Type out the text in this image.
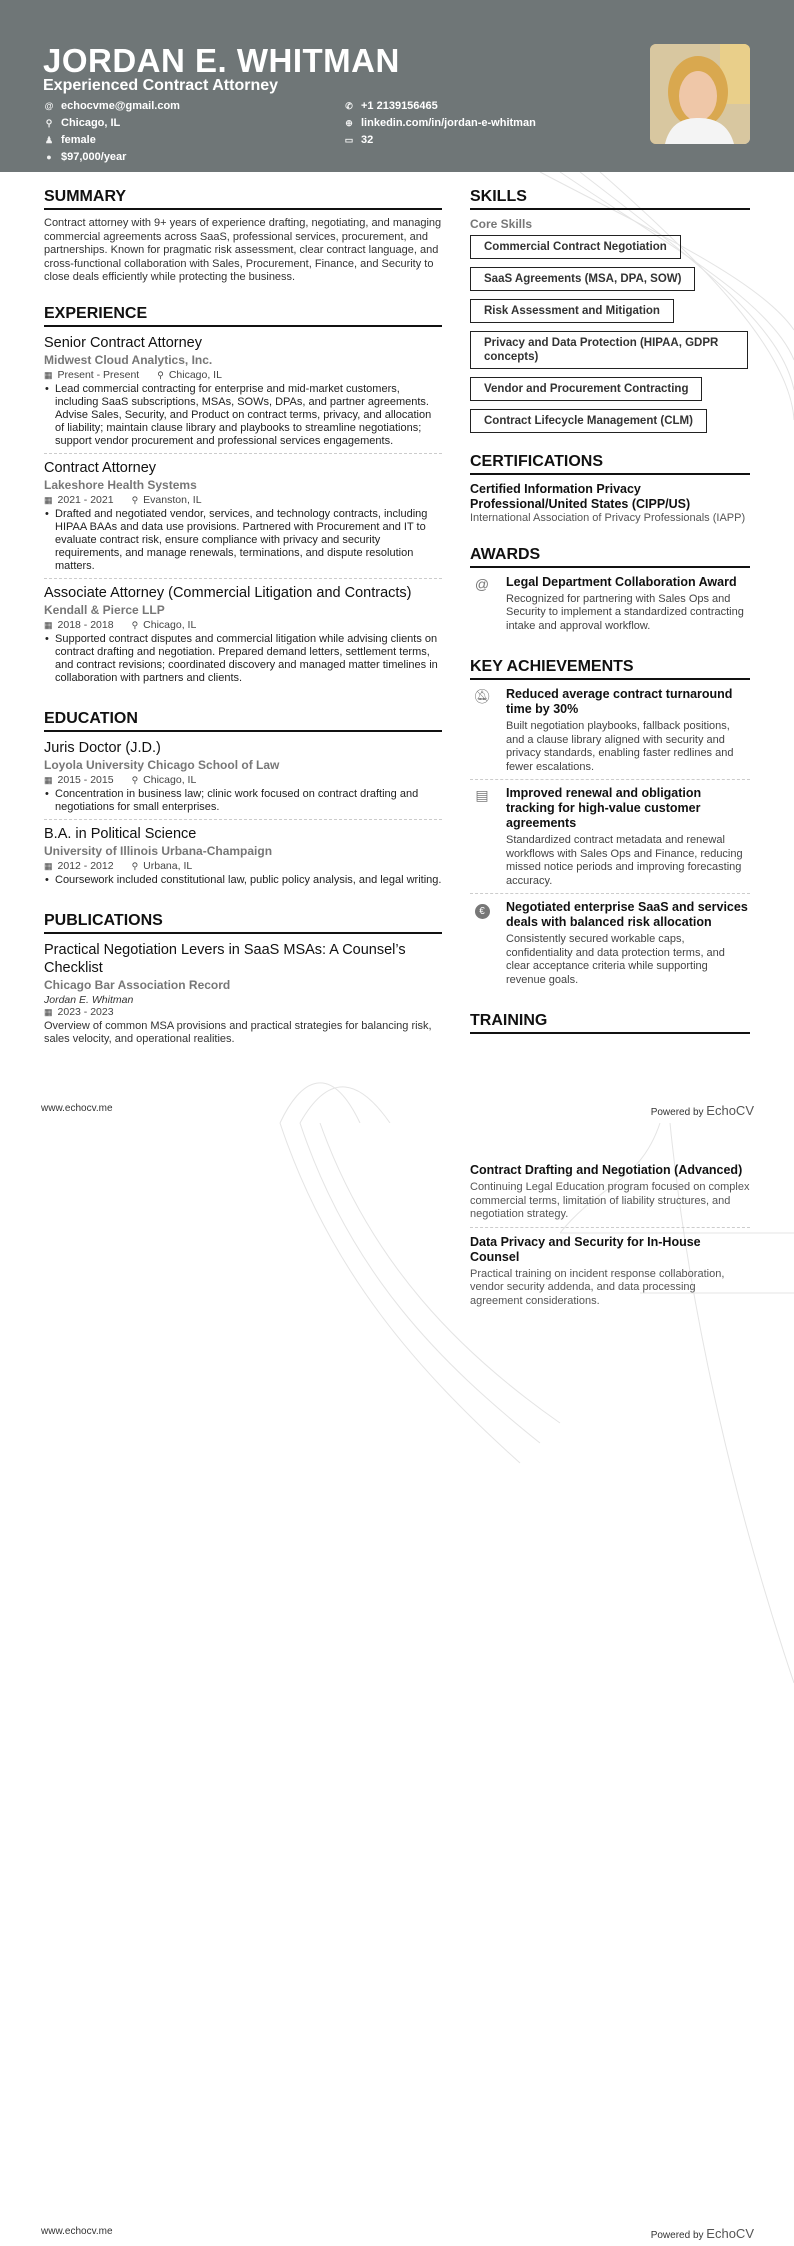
JORDAN E. WHITMAN
Experienced Contract Attorney
@ echocvme@gmail.com	✆ +1 2139156465
⚲ Chicago, IL	⊕ linkedin.com/in/jordan-e-whitman
♟ female	▭ 32
● $97,000/year
SUMMARY

Contract attorney with 9+ years of experience drafting, negotiating, and managing commercial agreements across SaaS, professional services, procurement, and partnerships. Known for pragmatic risk assessment, clear contract language, and cross-functional collaboration with Sales, Procurement, Finance, and Security to close deals efficiently while protecting the business.

EXPERIENCE
Senior Contract Attorney
Midwest Cloud Analytics, Inc.
▦ Present - Present ⚲ Chicago, IL
• Lead commercial contracting for enterprise and mid-market customers, including SaaS subscriptions, MSAs, SOWs, DPAs, and partner agreements. Advise Sales, Security, and Product on contract terms, privacy, and allocation of liability; maintain clause library and playbooks to streamline negotiations; support vendor procurement and professional services engagements.
Contract Attorney
Lakeshore Health Systems
▦ 2021 - 2021 ⚲ Evanston, IL
• Drafted and negotiated vendor, services, and technology contracts, including HIPAA BAAs and data use provisions. Partnered with Procurement and IT to evaluate contract risk, ensure compliance with privacy and security requirements, and manage renewals, terminations, and dispute resolution matters.
Associate Attorney (Commercial Litigation and Contracts)
Kendall & Pierce LLP
▦ 2018 - 2018 ⚲ Chicago, IL
• Supported contract disputes and commercial litigation while advising clients on contract drafting and negotiation. Prepared demand letters, settlement terms, and contract revisions; coordinated discovery and managed matter timelines in collaboration with partners and clients.
EDUCATION
Juris Doctor (J.D.)
Loyola University Chicago School of Law
▦ 2015 - 2015 ⚲ Chicago, IL
• Concentration in business law; clinic work focused on contract drafting and negotiations for small enterprises.
B.A. in Political Science
University of Illinois Urbana-Champaign
▦ 2012 - 2012 ⚲ Urbana, IL
• Coursework included constitutional law, public policy analysis, and legal writing.
PUBLICATIONS
Practical Negotiation Levers in SaaS MSAs: A Counsel’s Checklist
Chicago Bar Association Record
Jordan E. Whitman
▦ 2023 - 2023

Overview of common MSA provisions and practical strategies for balancing risk, sales velocity, and operational realities.

SKILLS
Core Skills
Commercial Contract Negotiation
SaaS Agreements (MSA, DPA, SOW)
Risk Assessment and Mitigation
Privacy and Data Protection (HIPAA, GDPR concepts)
Vendor and Procurement Contracting
Contract Lifecycle Management (CLM)
CERTIFICATIONS
Certified Information Privacy Professional/United States (CIPP/US)

International Association of Privacy Professionals (IAPP)

AWARDS
@	Legal Department Collaboration Award

Recognized for partnering with Sales Ops and Security to implement a standardized contracting intake and approval workflow.

KEY ACHIEVEMENTS
🔕︎ Reduced average contract turnaround time by 30%

Built negotiation playbooks, fallback positions, and a clause library aligned with security and privacy standards, enabling faster redlines and fewer escalations.

▤	Improved renewal and obligation tracking for high-value customer agreements

Standardized contract metadata and renewal workflows with Sales Ops and Finance, reducing missed notice periods and improving forecasting accuracy.

€	Negotiated enterprise SaaS and services deals with balanced risk allocation

Consistently secured workable caps, confidentiality and data protection terms, and clear acceptance criteria while supporting revenue goals.

TRAINING
www.echocv.me	Powered by EchoCV
Contract Drafting and Negotiation (Advanced)

Continuing Legal Education program focused on complex commercial terms, limitation of liability structures, and negotiation strategy.

Data Privacy and Security for In-House Counsel

Practical training on incident response collaboration, vendor security addenda, and data processing agreement considerations.

www.echocv.me	Powered by EchoCV
